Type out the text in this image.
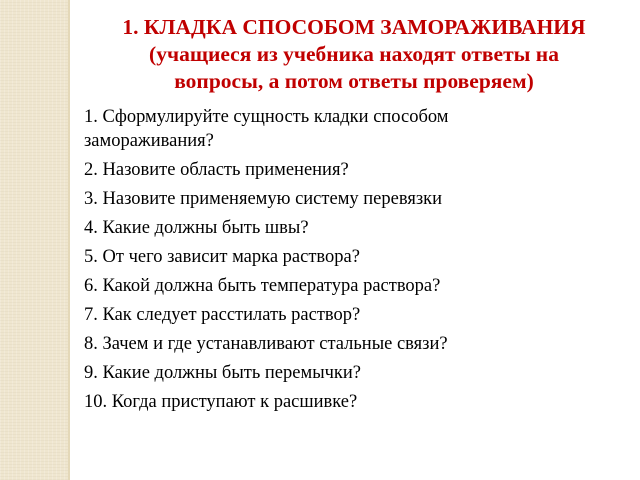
1. КЛАДКА СПОСОБОМ ЗАМОРАЖИВАНИЯ
(учащиеся из учебника находят ответы на
вопросы, а потом ответы проверяем)
1. Сформулируйте сущность кладки способом
замораживания?
2. Назовите область применения?
3. Назовите применяемую систему перевязки
4. Какие должны быть швы?
5. От чего зависит марка раствора?
6. Какой должна быть температура раствора?
7. Как следует расстилать раствор?
8. Зачем и где устанавливают стальные связи?
9. Какие должны быть перемычки?
10. Когда приступают к расшивке?
